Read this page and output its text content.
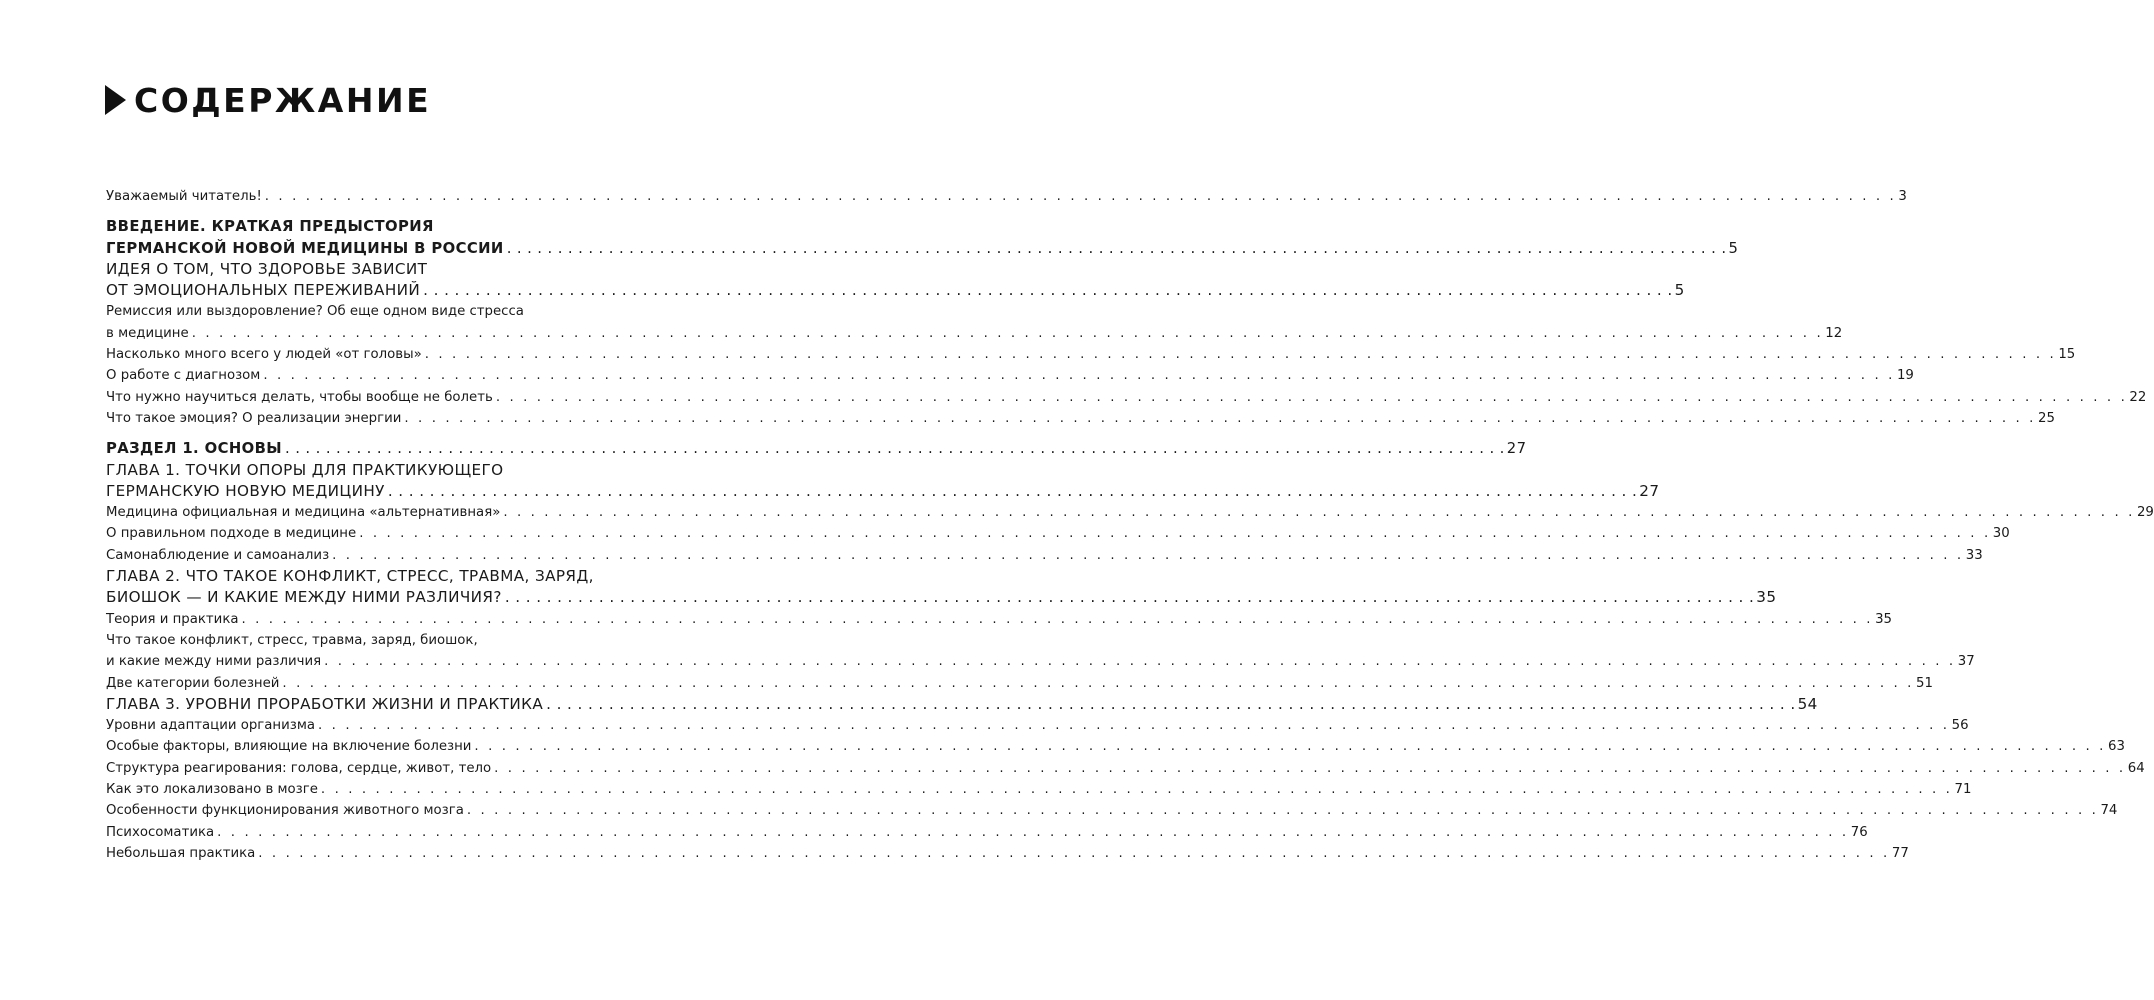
СОДЕРЖАНИЕ
Уважаемый читатель! . . . . . . . . . . . . . . . . . . . . . . . . . . . . . . . . . . . . . . . . . . . . . . . . . . . . . . . . . . . . . . . . . . . . . . . . . . . . . . . . . . . . . . . . . . . . . . . . . . . . . . . . . . . . . . . . . . . . . . . . 3
ВВЕДЕНИЕ. КРАТКАЯ ПРЕДЫСТОРИЯ
ГЕРМАНСКОЙ НОВОЙ МЕДИЦИНЫ В РОССИИ . . . . . . . . . . . . . . . . . . . . . . . . . . . . . . . . . . . . . . . . . . . . . . . . . . . . . . . . . . . . . . . . . . . . . . . . . . . . . . . . . . . . . . . . . . . . . . . . . . . . . . . . . . . . . . . . . . . . . . . . 5
ИДЕЯ О ТОМ, ЧТО ЗДОРОВЬЕ ЗАВИСИТ
ОТ ЭМОЦИОНАЛЬНЫХ ПЕРЕЖИВАНИЙ . . . . . . . . . . . . . . . . . . . . . . . . . . . . . . . . . . . . . . . . . . . . . . . . . . . . . . . . . . . . . . . . . . . . . . . . . . . . . . . . . . . . . . . . . . . . . . . . . . . . . . . . . . . . . . . . . . . . . . . . 5
Ремиссия или выздоровление? Об еще одном виде стресса
в медицине . . . . . . . . . . . . . . . . . . . . . . . . . . . . . . . . . . . . . . . . . . . . . . . . . . . . . . . . . . . . . . . . . . . . . . . . . . . . . . . . . . . . . . . . . . . . . . . . . . . . . . . . . . . . . . . . . . . . . . . . 12
Насколько много всего у людей «от головы» . . . . . . . . . . . . . . . . . . . . . . . . . . . . . . . . . . . . . . . . . . . . . . . . . . . . . . . . . . . . . . . . . . . . . . . . . . . . . . . . . . . . . . . . . . . . . . . . . . . . . . . . . . . . . . . . . . . . . . . . 15
О работе с диагнозом . . . . . . . . . . . . . . . . . . . . . . . . . . . . . . . . . . . . . . . . . . . . . . . . . . . . . . . . . . . . . . . . . . . . . . . . . . . . . . . . . . . . . . . . . . . . . . . . . . . . . . . . . . . . . . . . . . . . . . . . 19
Что нужно научиться делать, чтобы вообще не болеть . . . . . . . . . . . . . . . . . . . . . . . . . . . . . . . . . . . . . . . . . . . . . . . . . . . . . . . . . . . . . . . . . . . . . . . . . . . . . . . . . . . . . . . . . . . . . . . . . . . . . . . . . . . . . . . . . . . . . . . . 22
Что такое эмоция? О реализации энергии . . . . . . . . . . . . . . . . . . . . . . . . . . . . . . . . . . . . . . . . . . . . . . . . . . . . . . . . . . . . . . . . . . . . . . . . . . . . . . . . . . . . . . . . . . . . . . . . . . . . . . . . . . . . . . . . . . . . . . . . 25
РАЗДЕЛ 1. ОСНОВЫ . . . . . . . . . . . . . . . . . . . . . . . . . . . . . . . . . . . . . . . . . . . . . . . . . . . . . . . . . . . . . . . . . . . . . . . . . . . . . . . . . . . . . . . . . . . . . . . . . . . . . . . . . . . . . . . . . . . . . . . . 27
ГЛАВА 1. ТОЧКИ ОПОРЫ ДЛЯ ПРАКТИКУЮЩЕГО
ГЕРМАНСКУЮ НОВУЮ МЕДИЦИНУ . . . . . . . . . . . . . . . . . . . . . . . . . . . . . . . . . . . . . . . . . . . . . . . . . . . . . . . . . . . . . . . . . . . . . . . . . . . . . . . . . . . . . . . . . . . . . . . . . . . . . . . . . . . . . . . . . . . . . . . . 27
Медицина официальная и медицина «альтернативная» . . . . . . . . . . . . . . . . . . . . . . . . . . . . . . . . . . . . . . . . . . . . . . . . . . . . . . . . . . . . . . . . . . . . . . . . . . . . . . . . . . . . . . . . . . . . . . . . . . . . . . . . . . . . . . . . . . . . . . . . 29
О правильном подходе в медицине . . . . . . . . . . . . . . . . . . . . . . . . . . . . . . . . . . . . . . . . . . . . . . . . . . . . . . . . . . . . . . . . . . . . . . . . . . . . . . . . . . . . . . . . . . . . . . . . . . . . . . . . . . . . . . . . . . . . . . . . 30
Самонаблюдение и самоанализ . . . . . . . . . . . . . . . . . . . . . . . . . . . . . . . . . . . . . . . . . . . . . . . . . . . . . . . . . . . . . . . . . . . . . . . . . . . . . . . . . . . . . . . . . . . . . . . . . . . . . . . . . . . . . . . . . . . . . . . . 33
ГЛАВА 2. ЧТО ТАКОЕ КОНФЛИКТ, СТРЕСС, ТРАВМА, ЗАРЯД,
БИОШОК — И КАКИЕ МЕЖДУ НИМИ РАЗЛИЧИЯ? . . . . . . . . . . . . . . . . . . . . . . . . . . . . . . . . . . . . . . . . . . . . . . . . . . . . . . . . . . . . . . . . . . . . . . . . . . . . . . . . . . . . . . . . . . . . . . . . . . . . . . . . . . . . . . . . . . . . . . . . 35
Теория и практика . . . . . . . . . . . . . . . . . . . . . . . . . . . . . . . . . . . . . . . . . . . . . . . . . . . . . . . . . . . . . . . . . . . . . . . . . . . . . . . . . . . . . . . . . . . . . . . . . . . . . . . . . . . . . . . . . . . . . . . . 35
Что такое конфликт, стресс, травма, заряд, биошок,
и какие между ними различия . . . . . . . . . . . . . . . . . . . . . . . . . . . . . . . . . . . . . . . . . . . . . . . . . . . . . . . . . . . . . . . . . . . . . . . . . . . . . . . . . . . . . . . . . . . . . . . . . . . . . . . . . . . . . . . . . . . . . . . . 37
Две категории болезней . . . . . . . . . . . . . . . . . . . . . . . . . . . . . . . . . . . . . . . . . . . . . . . . . . . . . . . . . . . . . . . . . . . . . . . . . . . . . . . . . . . . . . . . . . . . . . . . . . . . . . . . . . . . . . . . . . . . . . . . 51
ГЛАВА 3. УРОВНИ ПРОРАБОТКИ ЖИЗНИ И ПРАКТИКА . . . . . . . . . . . . . . . . . . . . . . . . . . . . . . . . . . . . . . . . . . . . . . . . . . . . . . . . . . . . . . . . . . . . . . . . . . . . . . . . . . . . . . . . . . . . . . . . . . . . . . . . . . . . . . . . . . . . . . . . 54
Уровни адаптации организма . . . . . . . . . . . . . . . . . . . . . . . . . . . . . . . . . . . . . . . . . . . . . . . . . . . . . . . . . . . . . . . . . . . . . . . . . . . . . . . . . . . . . . . . . . . . . . . . . . . . . . . . . . . . . . . . . . . . . . . . 56
Особые факторы, влияющие на включение болезни . . . . . . . . . . . . . . . . . . . . . . . . . . . . . . . . . . . . . . . . . . . . . . . . . . . . . . . . . . . . . . . . . . . . . . . . . . . . . . . . . . . . . . . . . . . . . . . . . . . . . . . . . . . . . . . . . . . . . . . . 63
Структура реагирования: голова, сердце, живот, тело . . . . . . . . . . . . . . . . . . . . . . . . . . . . . . . . . . . . . . . . . . . . . . . . . . . . . . . . . . . . . . . . . . . . . . . . . . . . . . . . . . . . . . . . . . . . . . . . . . . . . . . . . . . . . . . . . . . . . . . . 64
Как это локализовано в мозге . . . . . . . . . . . . . . . . . . . . . . . . . . . . . . . . . . . . . . . . . . . . . . . . . . . . . . . . . . . . . . . . . . . . . . . . . . . . . . . . . . . . . . . . . . . . . . . . . . . . . . . . . . . . . . . . . . . . . . . . 71
Особенности функционирования животного мозга . . . . . . . . . . . . . . . . . . . . . . . . . . . . . . . . . . . . . . . . . . . . . . . . . . . . . . . . . . . . . . . . . . . . . . . . . . . . . . . . . . . . . . . . . . . . . . . . . . . . . . . . . . . . . . . . . . . . . . . . 74
Психосоматика . . . . . . . . . . . . . . . . . . . . . . . . . . . . . . . . . . . . . . . . . . . . . . . . . . . . . . . . . . . . . . . . . . . . . . . . . . . . . . . . . . . . . . . . . . . . . . . . . . . . . . . . . . . . . . . . . . . . . . . . 76
Небольшая практика . . . . . . . . . . . . . . . . . . . . . . . . . . . . . . . . . . . . . . . . . . . . . . . . . . . . . . . . . . . . . . . . . . . . . . . . . . . . . . . . . . . . . . . . . . . . . . . . . . . . . . . . . . . . . . . . . . . . . . . . 77
